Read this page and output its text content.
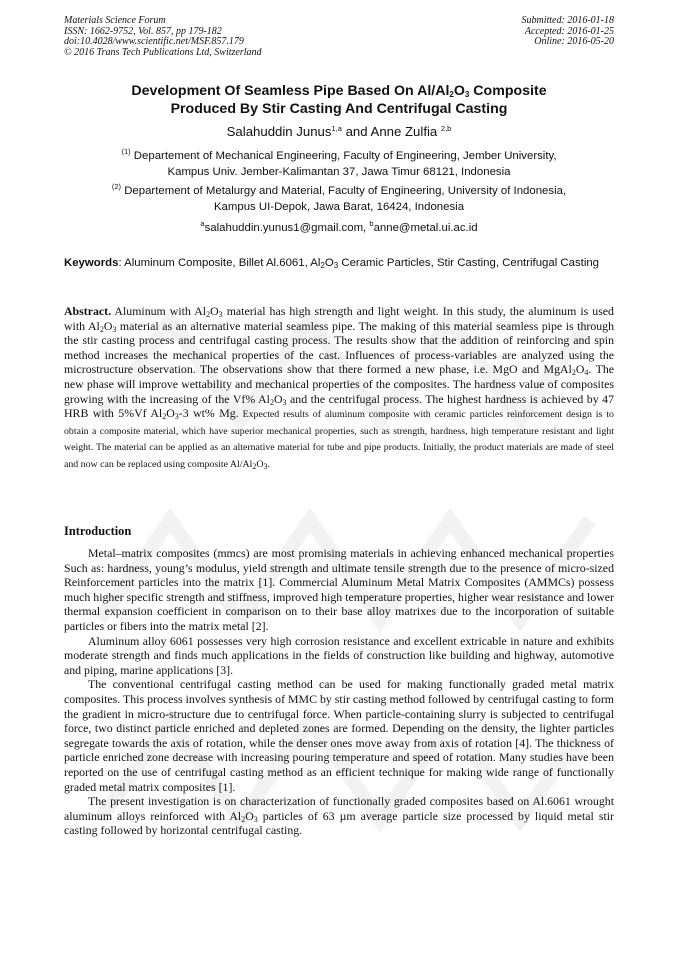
Materials Science Forum
ISSN: 1662-9752, Vol. 857, pp 179-182
doi:10.4028/www.scientific.net/MSF.857.179
© 2016 Trans Tech Publications Ltd, Switzerland
Submitted: 2016-01-18
Accepted: 2016-01-25
Online: 2016-05-20
Development Of Seamless Pipe Based On $Al/Al_2O_3$ Composite
Produced By Stir Casting And Centrifugal Casting
Salahuddin Junus$^{1,a}$ and Anne Zulfia $^{2,b}$
$^{(1)}$ Departement of Mechanical Engineering, Faculty of Engineering, Jember University,
Kampus Univ. Jember-Kalimantan 37, Jawa Timur 68121, Indonesia
$^{(2)}$ Departement of Metalurgy and Material, Faculty of Engineering, University of Indonesia,
Kampus UI-Depok, Jawa Barat, 16424, Indonesia
$^a$salahuddin.yunus1@gmail.com, $^b$anne@metal.ui.ac.id
Keywords: Aluminum Composite, Billet Al.6061, $Al_2O_3$ Ceramic Particles, Stir Casting, Centrifugal Casting
Abstract. Aluminum with $Al_2O_3$ material has high strength and light weight. In this study, the aluminum is used with $Al_2O_3$ material as an alternative material seamless pipe. The making of this material seamless pipe is through the stir casting process and centrifugal casting process. The results show that the addition of reinforcing and spin method increases the mechanical properties of the cast. Influences of process-variables are analyzed using the microstructure observation. The observations show that there formed a new phase, i.e. MgO and $MgAl_2O_4$. The new phase will improve wettability and mechanical properties of the composites. The hardness value of composites growing with the increasing of the Vf% $Al_2O_3$ and the centrifugal process. The highest hardness is achieved by 47 HRB with 5%Vf $Al_2O_3-3$ wt% Mg. Expected results of aluminum composite with ceramic particles reinforcement design is to obtain a composite material, which have superior mechanical properties, such as strength, hardness, high temperature resistant and light weight. The material can be applied as an alternative material for tube and pipe products. Initially, the product materials are made of steel and now can be replaced using composite $Al/Al_2O_3$.
Introduction

Metal–matrix composites (mmcs) are most promising materials in achieving enhanced mechanical properties Such as: hardness, young’s modulus, yield strength and ultimate tensile strength due to the presence of micro-sized Reinforcement particles into the matrix [1]. Commercial Aluminum Metal Matrix Composites (AMMCs) possess much higher specific strength and stiffness, improved high temperature properties, higher wear resistance and lower thermal expansion coefficient in comparison on to their base alloy matrixes due to the incorporation of suitable particles or fibers into the matrix metal [2].

Aluminum alloy 6061 possesses very high corrosion resistance and excellent extricable in nature and exhibits moderate strength and finds much applications in the fields of construction like building and highway, automotive and piping, marine applications [3].

The conventional centrifugal casting method can be used for making functionally graded metal matrix composites. This process involves synthesis of MMC by stir casting method followed by centrifugal casting to form the gradient in micro-structure due to centrifugal force. When particle-containing slurry is subjected to centrifugal force, two distinct particle enriched and depleted zones are formed. Depending on the density, the lighter particles segregate towards the axis of rotation, while the denser ones move away from axis of rotation [4]. The thickness of particle enriched zone decrease with increasing pouring temperature and speed of rotation. Many studies have been reported on the use of centrifugal casting method as an efficient technique for making wide range of functionally graded metal matrix composites [1].

The present investigation is on characterization of functionally graded composites based on Al.6061 wrought aluminum alloys reinforced with $Al_2O_3$ particles of 63 µm average particle size processed by liquid metal stir casting followed by horizontal centrifugal casting.
